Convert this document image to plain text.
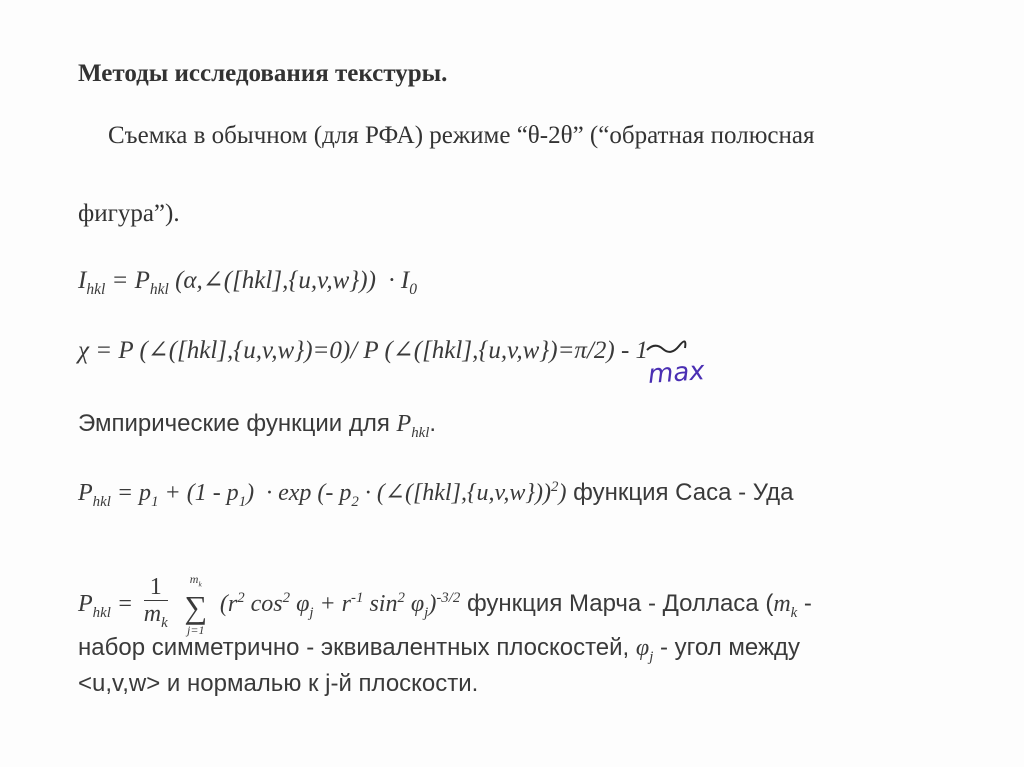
Методы исследования текстуры.
Съемка в обычном (для РФА) режиме “θ-2θ” (“обратная полюсная
фигура”).
$I_{hkl} = P_{hkl}$ (α,∠([hkl],{u,v,w}))  · $I_0$
χ = P (∠([hkl],{u,v,w})=0)/ P (∠([hkl],{u,v,w})=π/2) - 1
max
Эмпирические функции для $P_{hkl}$.
$P_{hkl} = p_1 + (1 - p_1) \cdot \exp$ (- $p_2$ · (∠([hkl],{u,v,w}))$^2$) функция Саса - Уда
$P_{hkl} = \frac{1}{m_k}$
	$m_k$
∑
j=1
($r^2$ $\cos^2 \varphi_j + r^{-1}$ $\sin^2 \varphi_j)^{-3/2}$ функция Марча - Долласа ($m_k$ -
набор симметрично - эквивалентных плоскостей, $\varphi_j$ - угол между
<u,v,w> и нормалью к j-й плоскости.
